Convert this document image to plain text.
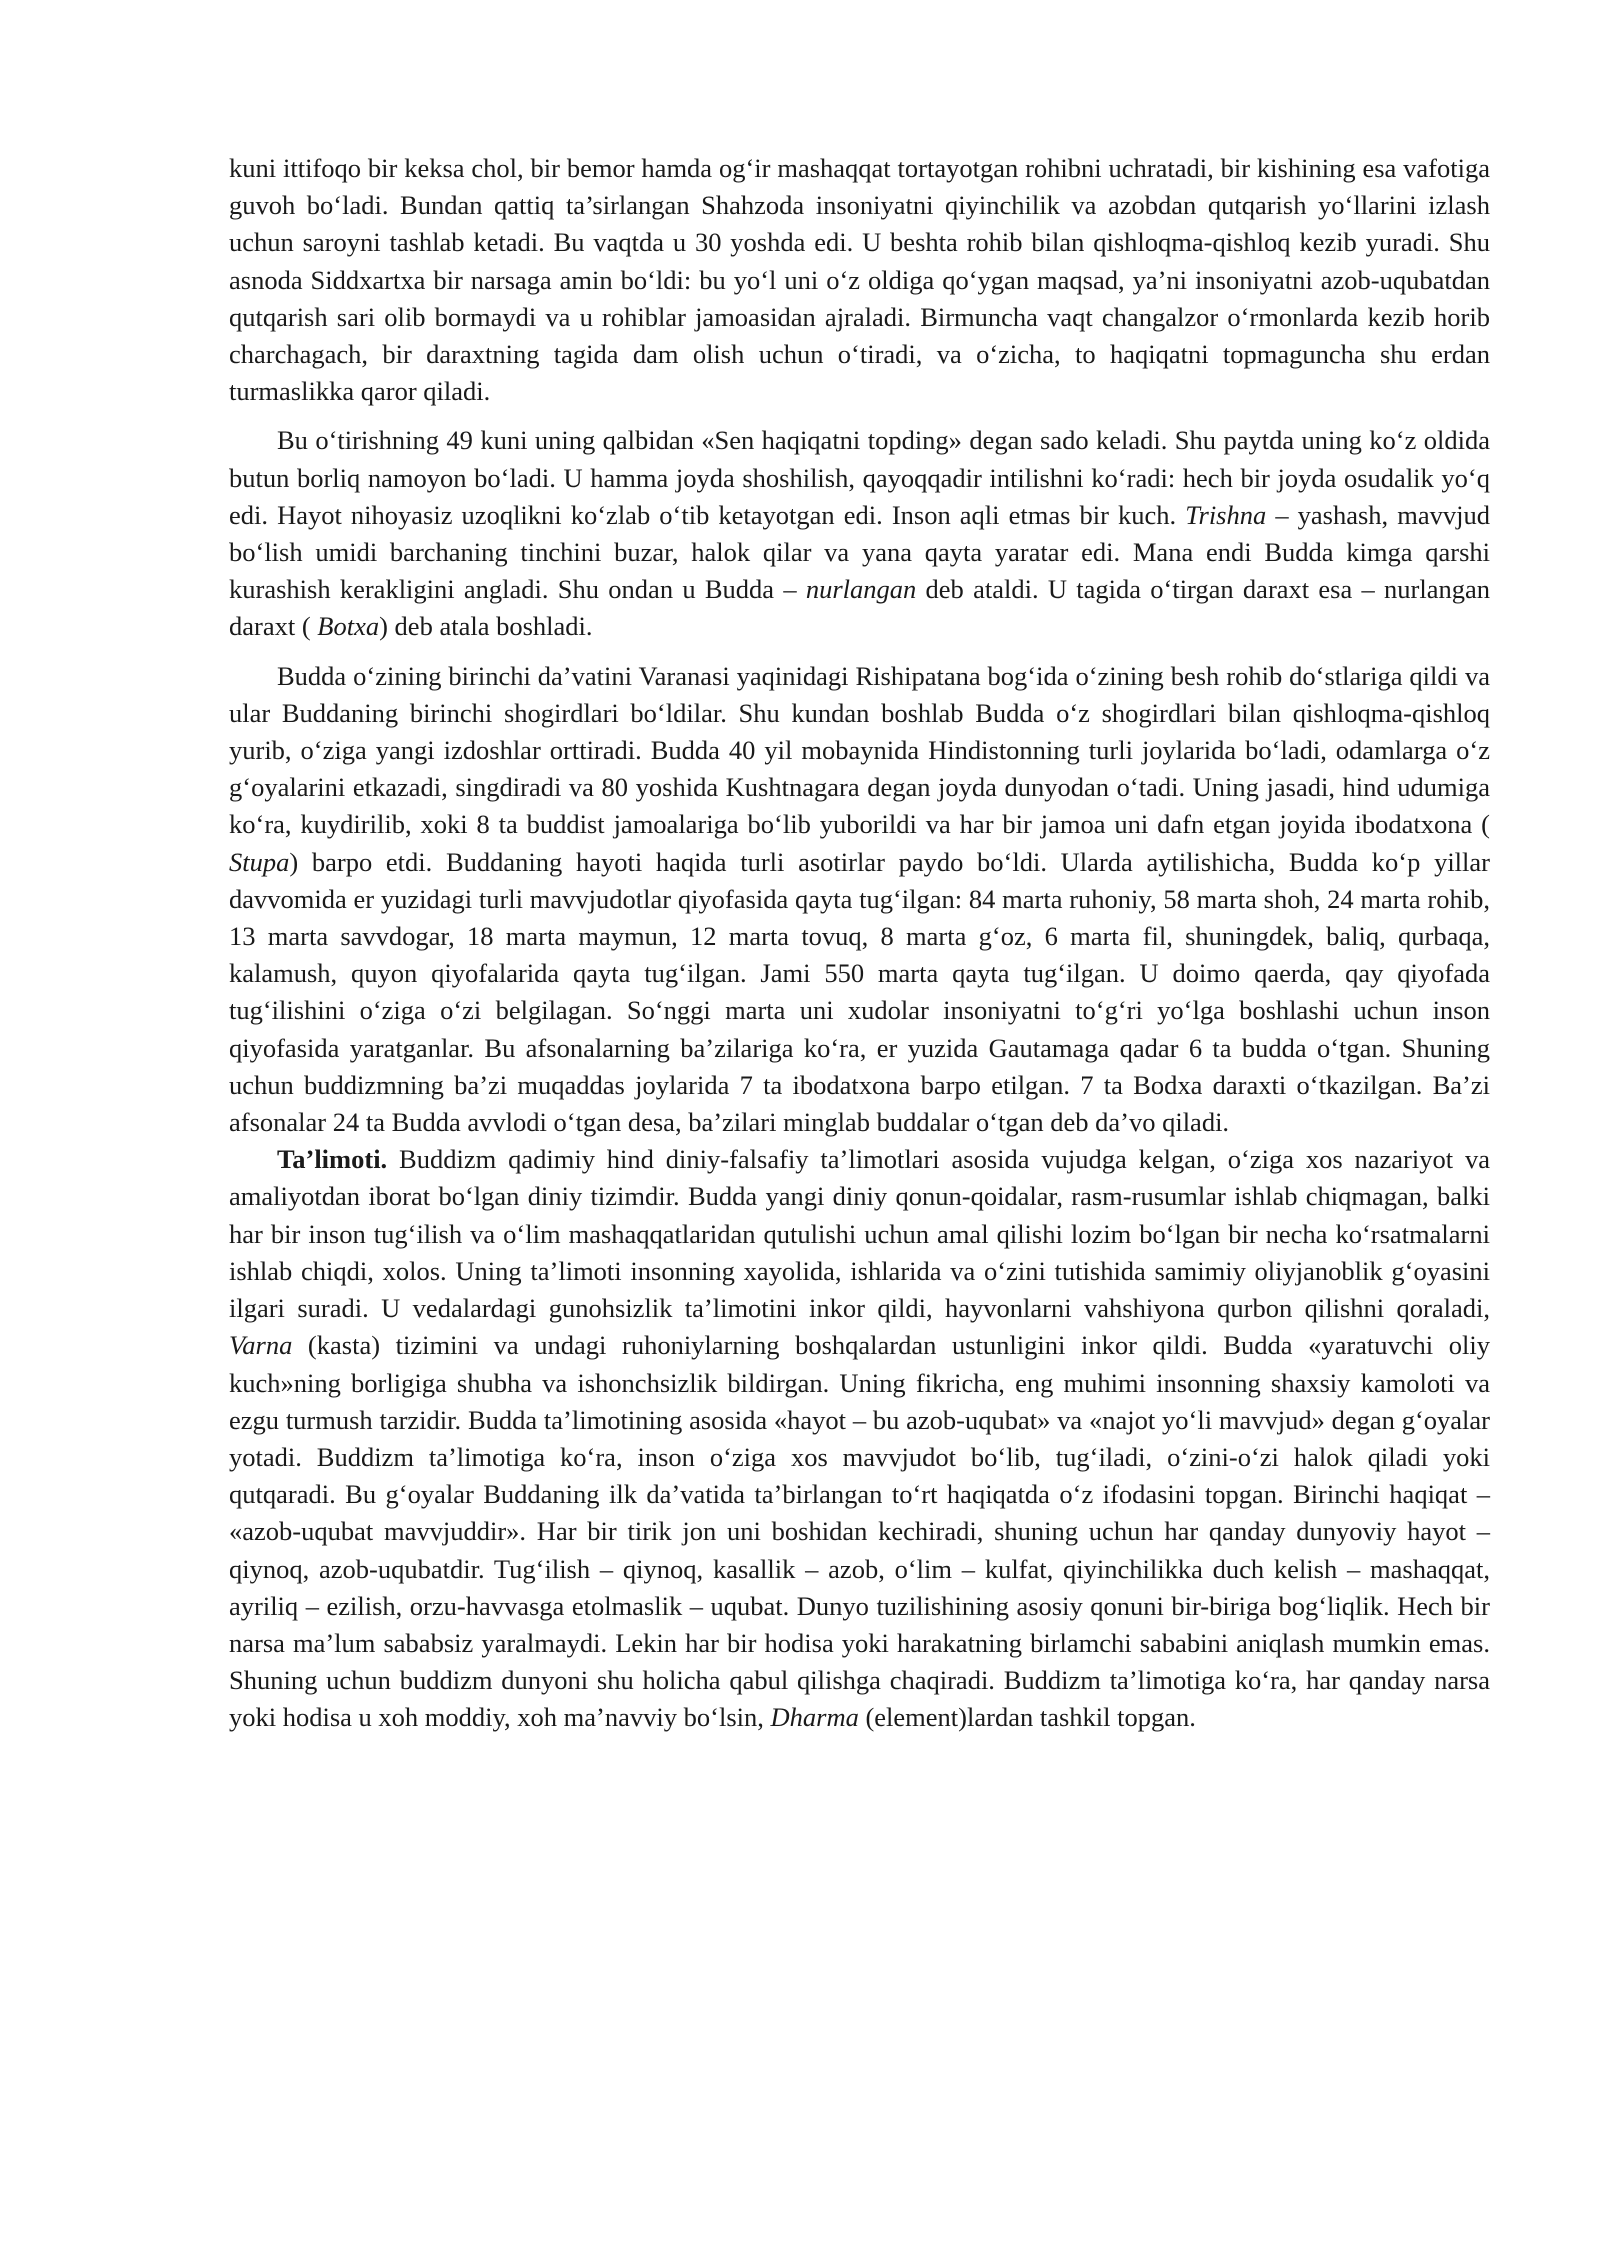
kuni ittifoqo bir keksa chol, bir bemor hamda og‘ir mashaqqat tortayotgan rohibni uchratadi, bir kishining esa vafotiga guvoh bo‘ladi. Bundan qattiq ta’sirlangan Shahzoda insoniyatni qiyinchilik va azobdan qutqarish yo‘llarini izlash uchun saroyni tashlab ketadi. Bu vaqtda u 30 yoshda edi. U beshta rohib bilan qishloqma-qishloq kezib yuradi. Shu asnoda Siddxartxa bir narsaga amin bo‘ldi: bu yo‘l uni o‘z oldiga qo‘ygan maqsad, ya’ni insoniyatni azob-uqubatdan qutqarish sari olib bormaydi va u rohiblar jamoasidan ajraladi. Birmuncha vaqt changalzor o‘rmonlarda kezib horib charchagach, bir daraxtning tagida dam olish uchun o‘tiradi, va o‘zicha, to haqiqatni topmaguncha shu erdan turmaslikka qaror qiladi.

Bu o‘tirishning 49 kuni uning qalbidan «Sen haqiqatni topding» degan sado keladi. Shu paytda uning ko‘z oldida butun borliq namoyon bo‘ladi. U hamma joyda shoshilish, qayoqqadir intilishni ko‘radi: hech bir joyda osudalik yo‘q edi. Hayot nihoyasiz uzoqlikni ko‘zlab o‘tib ketayotgan edi. Inson aqli etmas bir kuch. Trishna – yashash, mavvjud bo‘lish umidi barchaning tinchini buzar, halok qilar va yana qayta yaratar edi. Mana endi Budda kimga qarshi kurashish kerakligini angladi. Shu ondan u Budda – nurlangan deb ataldi. U tagida o‘tirgan daraxt esa – nurlangan daraxt ( Botxa) deb atala boshladi.

Budda o‘zining birinchi da’vatini Varanasi yaqinidagi Rishipatana bog‘ida o‘zining besh rohib do‘stlariga qildi va ular Buddaning birinchi shogirdlari bo‘ldilar. Shu kundan boshlab Budda o‘z shogirdlari bilan qishloqma-qishloq yurib, o‘ziga yangi izdoshlar orttiradi. Budda 40 yil mobaynida Hindistonning turli joylarida bo‘ladi, odamlarga o‘z g‘oyalarini etkazadi, singdiradi va 80 yoshida Kushtnagara degan joyda dunyodan o‘tadi. Uning jasadi, hind udumiga ko‘ra, kuydirilib, xoki 8 ta buddist jamoalariga bo‘lib yuborildi va har bir jamoa uni dafn etgan joyida ibodatxona ( Stupa) barpo etdi. Buddaning hayoti haqida turli asotirlar paydo bo‘ldi. Ularda aytilishicha, Budda ko‘p yillar davvomida er yuzidagi turli mavvjudotlar qiyofasida qayta tug‘ilgan: 84 marta ruhoniy, 58 marta shoh, 24 marta rohib, 13 marta savvdogar, 18 marta maymun, 12 marta tovuq, 8 marta g‘oz, 6 marta fil, shuningdek, baliq, qurbaqa, kalamush, quyon qiyofalarida qayta tug‘ilgan. Jami 550 marta qayta tug‘ilgan. U doimo qaerda, qay qiyofada tug‘ilishini o‘ziga o‘zi belgilagan. So‘nggi marta uni xudolar insoniyatni to‘g‘ri yo‘lga boshlashi uchun inson qiyofasida yaratganlar. Bu afsonalarning ba’zilariga ko‘ra, er yuzida Gautamaga qadar 6 ta budda o‘tgan. Shuning uchun buddizmning ba’zi muqaddas joylarida 7 ta ibodatxona barpo etilgan. 7 ta Bodxa daraxti o‘tkazilgan. Ba’zi afsonalar 24 ta Budda avvlodi o‘tgan desa, ba’zilari minglab buddalar o‘tgan deb da’vo qiladi.

Ta’limoti. Buddizm qadimiy hind diniy-falsafiy ta’limotlari asosida vujudga kelgan, o‘ziga xos nazariyot va amaliyotdan iborat bo‘lgan diniy tizimdir. Budda yangi diniy qonun-qoidalar, rasm-rusumlar ishlab chiqmagan, balki har bir inson tug‘ilish va o‘lim mashaqqatlaridan qutulishi uchun amal qilishi lozim bo‘lgan bir necha ko‘rsatmalarni ishlab chiqdi, xolos. Uning ta’limoti insonning xayolida, ishlarida va o‘zini tutishida samimiy oliyjanoblik g‘oyasini ilgari suradi. U vedalardagi gunohsizlik ta’limotini inkor qildi, hayvonlarni vahshiyona qurbon qilishni qoraladi, Varna (kasta) tizimini va undagi ruhoniylarning boshqalardan ustunligini inkor qildi. Budda «yaratuvchi oliy kuch»ning borligiga shubha va ishonchsizlik bildirgan. Uning fikricha, eng muhimi insonning shaxsiy kamoloti va ezgu turmush tarzidir. Budda ta’limotining asosida «hayot – bu azob-uqubat» va «najot yo‘li mavvjud» degan g‘oyalar yotadi. Buddizm ta’limotiga ko‘ra, inson o‘ziga xos mavvjudot bo‘lib, tug‘iladi, o‘zini-o‘zi halok qiladi yoki qutqaradi. Bu g‘oyalar Buddaning ilk da’vatida ta’birlangan to‘rt haqiqatda o‘z ifodasini topgan. Birinchi haqiqat – «azob-uqubat mavvjuddir». Har bir tirik jon uni boshidan kechiradi, shuning uchun har qanday dunyoviy hayot – qiynoq, azob-uqubatdir. Tug‘ilish – qiynoq, kasallik – azob, o‘lim – kulfat, qiyinchilikka duch kelish – mashaqqat, ayriliq – ezilish, orzu-havvasga etolmaslik – uqubat. Dunyo tuzilishining asosiy qonuni bir-biriga bog‘liqlik. Hech bir narsa ma’lum sababsiz yaralmaydi. Lekin har bir hodisa yoki harakatning birlamchi sababini aniqlash mumkin emas. Shuning uchun buddizm dunyoni shu holicha qabul qilishga chaqiradi. Buddizm ta’limotiga ko‘ra, har qanday narsa yoki hodisa u xoh moddiy, xoh ma’navviy bo‘lsin, Dharma (element)lardan tashkil topgan.
